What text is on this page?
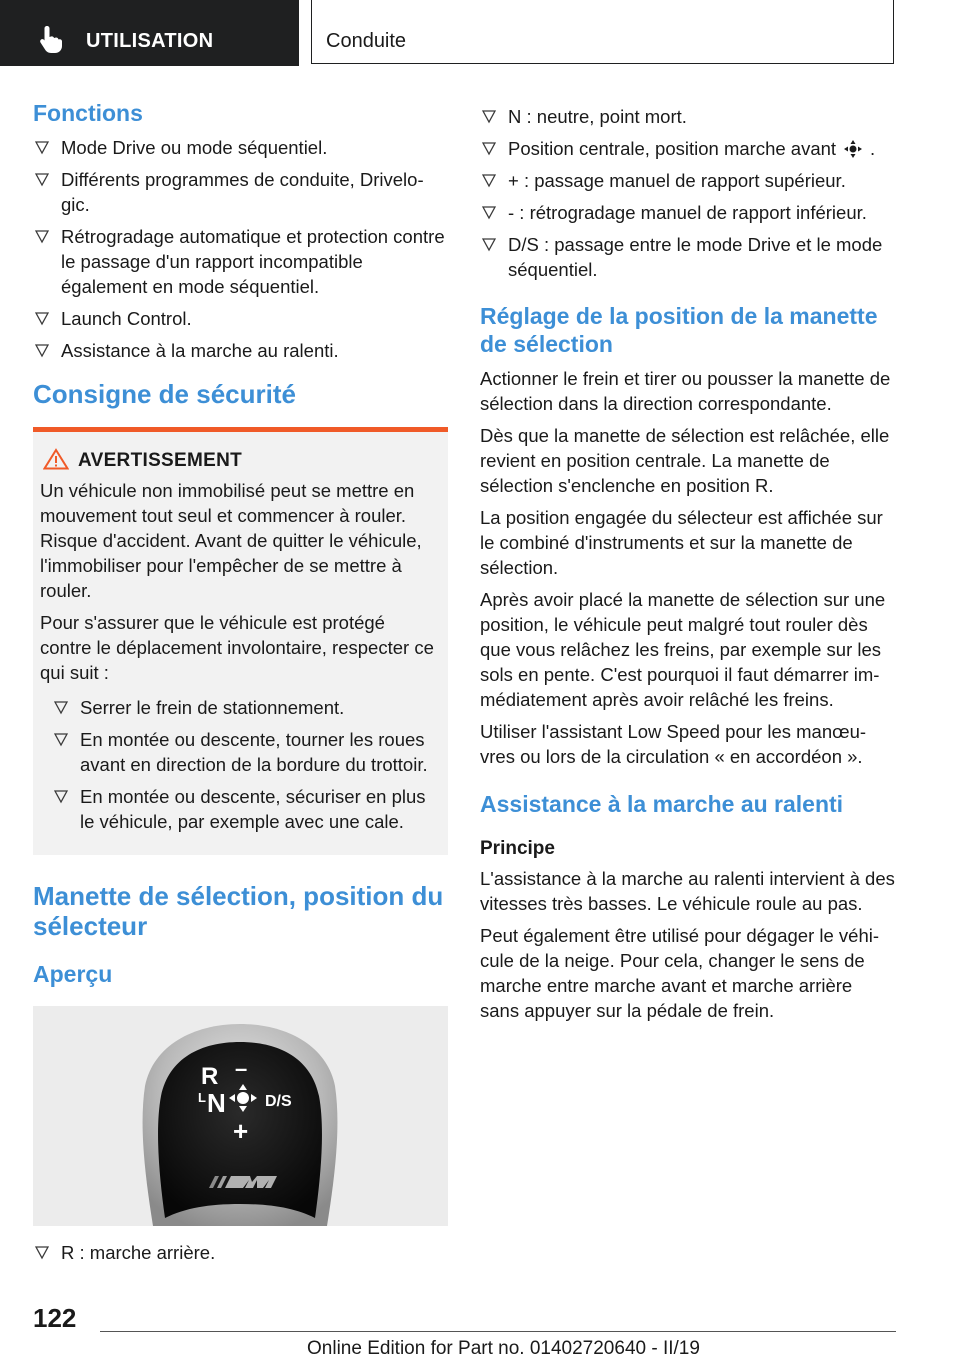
UTILISATION	Conduite
Fonctions
Mode Drive ou mode séquentiel.
Différents programmes de conduite, Drivelo-gic.
Rétrogradage automatique et protection contre le passage d'un rapport incompatible également en mode séquentiel.
Launch Control.
Assistance à la marche au ralenti.
Consigne de sécurité
AVERTISSEMENT

Un véhicule non immobilisé peut se mettre en mouvement tout seul et commencer à rouler. Risque d'accident. Avant de quitter le véhicule, l'immobiliser pour l'empêcher de se mettre à rouler.

Pour s'assurer que le véhicule est protégé contre le déplacement involontaire, respecter ce qui suit :

Serrer le frein de stationnement.
En montée ou descente, tourner les roues avant en direction de la bordure du trottoir.
En montée ou descente, sécuriser en plus le véhicule, par exemple avec une cale.
Manette de sélection, position du sélecteur
Aperçu
R –
L N D/S
+
R : marche arrière.
N : neutre, point mort.
Position centrale, position marche avant .
+ : passage manuel de rapport supérieur.
- : rétrogradage manuel de rapport inférieur.
D/S : passage entre le mode Drive et le mode séquentiel.
Réglage de la position de la manette de sélection

Actionner le frein et tirer ou pousser la manette de sélection dans la direction correspondante.

Dès que la manette de sélection est relâchée, elle revient en position centrale. La manette de sélection s'enclenche en position R.

La position engagée du sélecteur est affichée sur le combiné d'instruments et sur la manette de sélection.

Après avoir placé la manette de sélection sur une position, le véhicule peut malgré tout rouler dès que vous relâchez les freins, par exemple sur les sols en pente. C'est pourquoi il faut démarrer im-médiatement après avoir relâché les freins.

Utiliser l'assistant Low Speed pour les manœu-vres ou lors de la circulation « en accordéon ».

Assistance à la marche au ralenti
Principe

L'assistance à la marche au ralenti intervient à des vitesses très basses. Le véhicule roule au pas.

Peut également être utilisé pour dégager le véhi-cule de la neige. Pour cela, changer le sens de marche entre marche avant et marche arrière sans appuyer sur la pédale de frein.

122
Online Edition for Part no. 01402720640 - II/19
